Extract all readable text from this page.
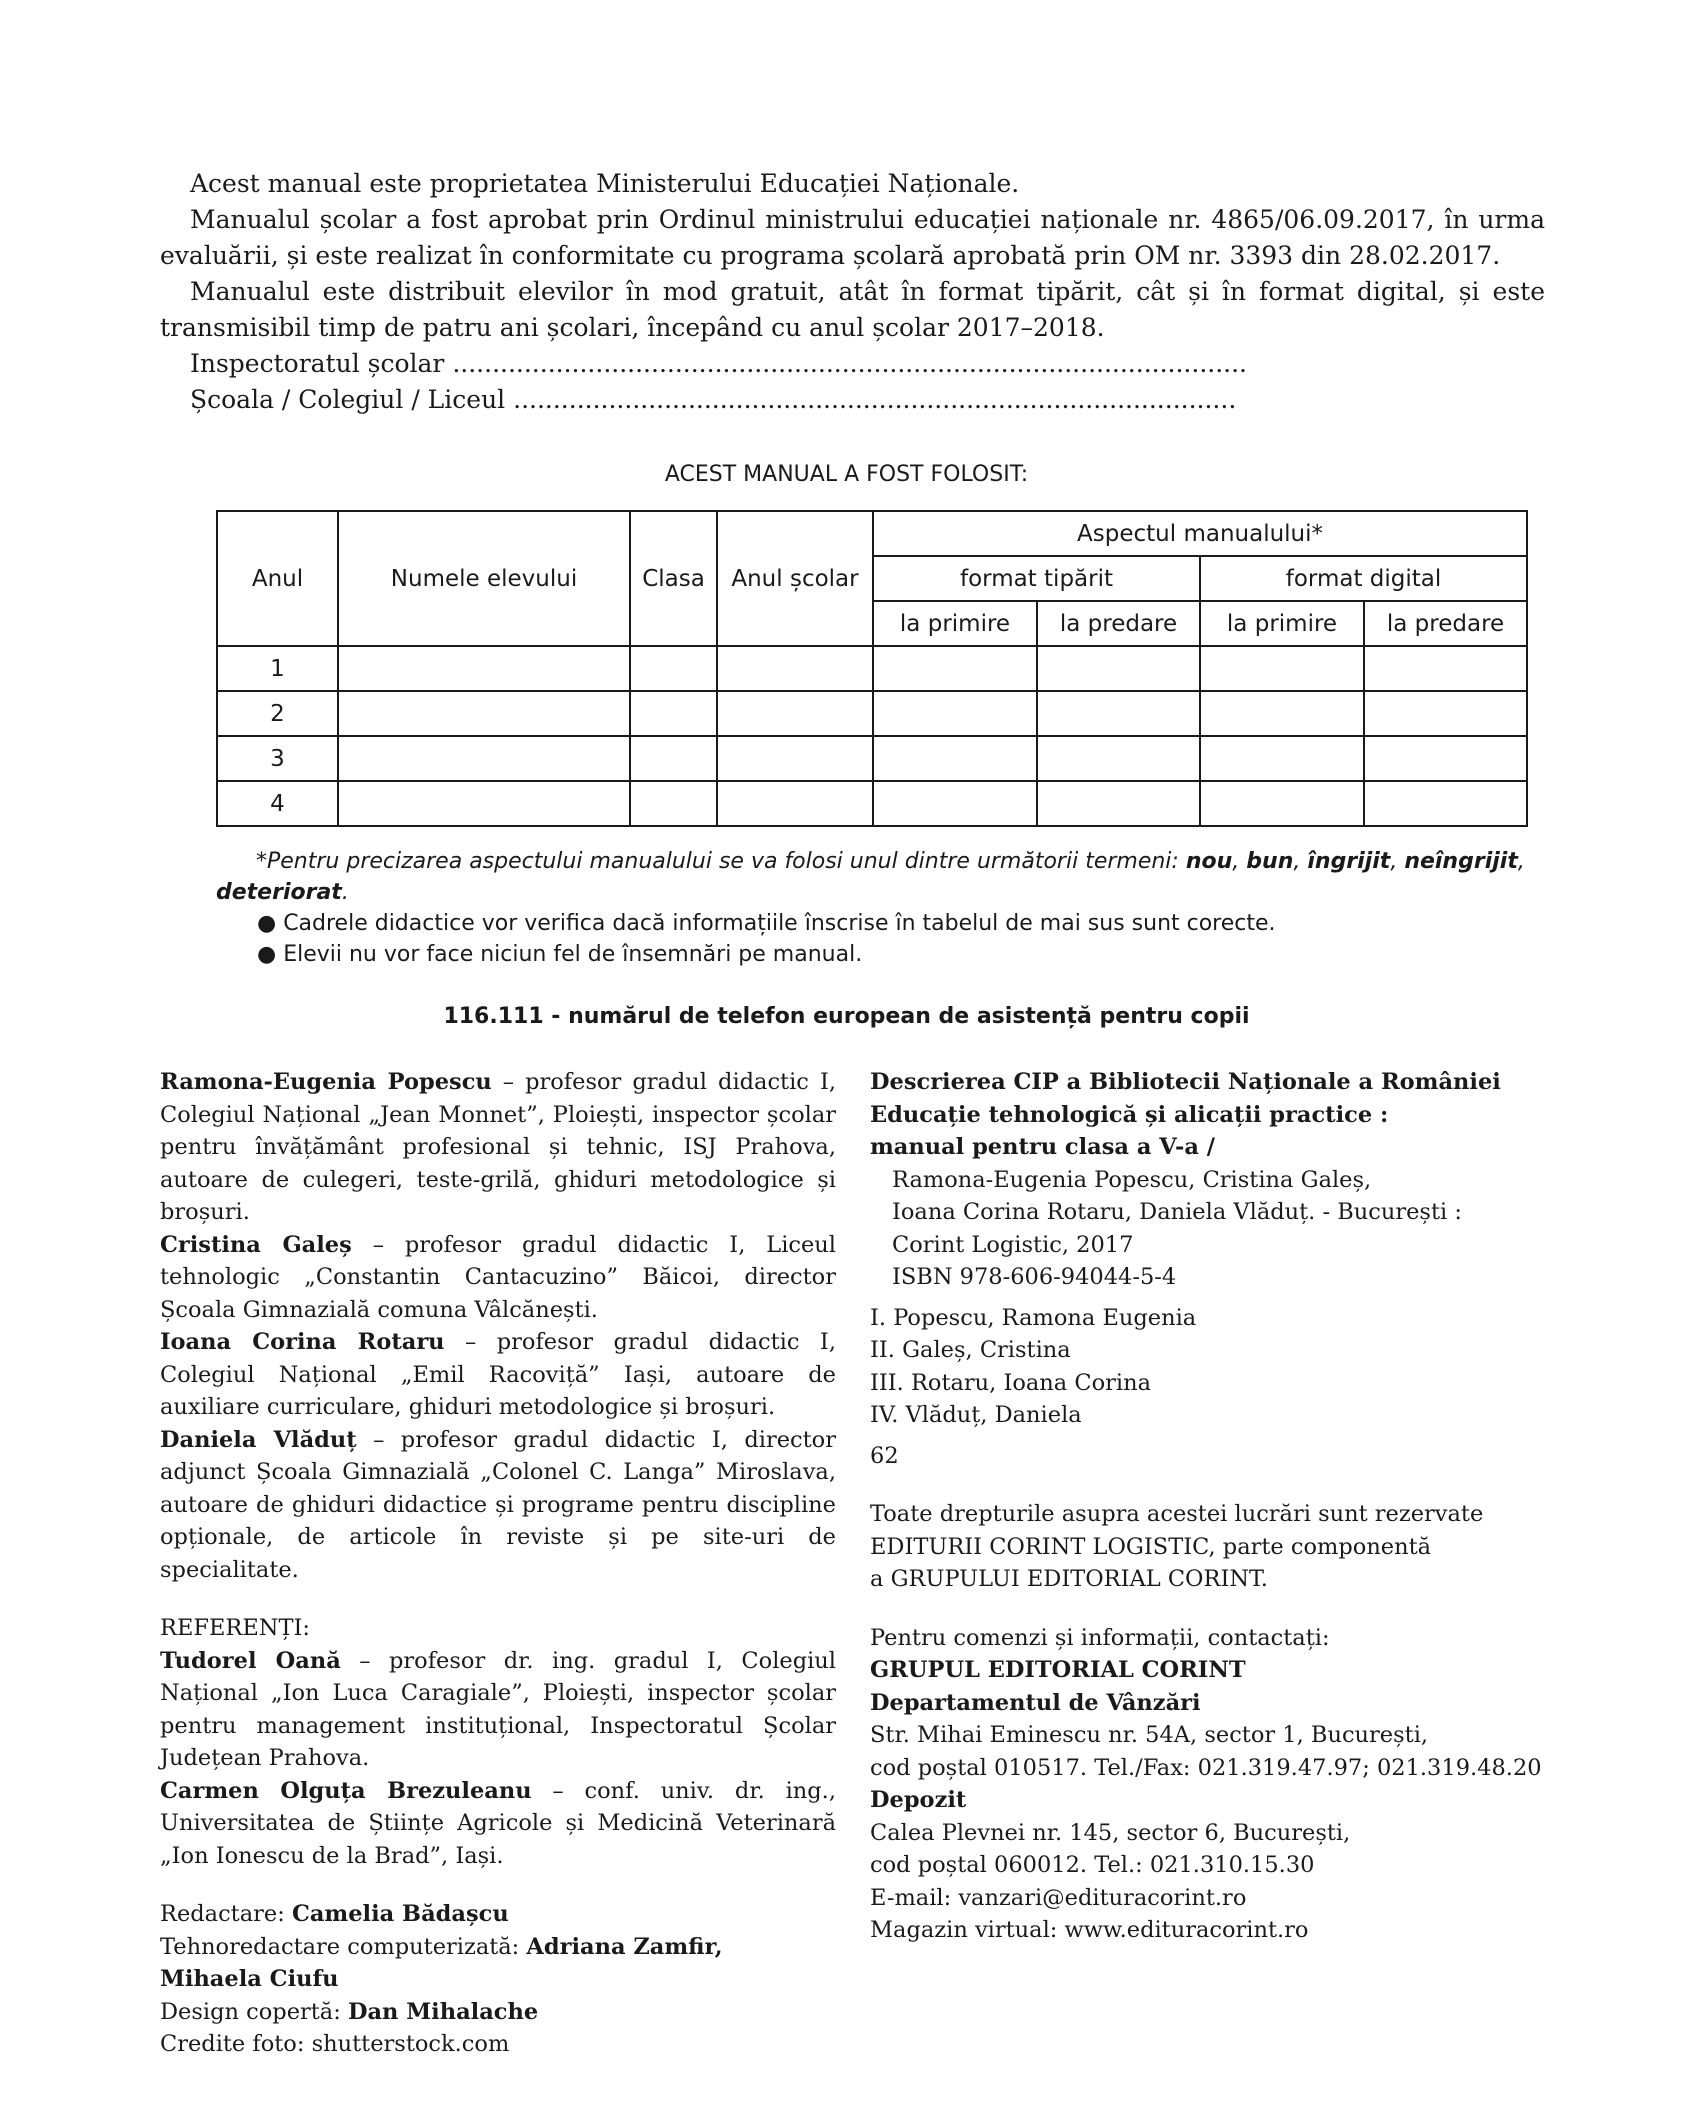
Acest manual este proprietatea Ministerului Educației Naționale.

Manualul școlar a fost aprobat prin Ordinul ministrului educației naționale nr. 4865/06.09.2017, în urma evaluării, și este realizat în conformitate cu programa școlară aprobată prin OM nr. 3393 din 28.02.2017.

Manualul este distribuit elevilor în mod gratuit, atât în format tipărit, cât și în format digital, și este transmisibil timp de patru ani școlari, începând cu anul școlar 2017–2018.

Inspectoratul școlar ....................................................................................................

Școala / Colegiul / Liceul ...........................................................................................

ACEST MANUAL A FOST FOLOSIT:
Anul	Numele elevului	Clasa	Anul școlar	Aspectul manualului*			
				format tipărit		format digital	
				la primire	la predare	la primire	la predare
1							
2							
3							
4							

*Pentru precizarea aspectului manualului se va folosi unul dintre următorii termeni: nou, bun, îngrijit, neîngrijit, deteriorat.

● Cadrele didactice vor verifica dacă informațiile înscrise în tabelul de mai sus sunt corecte.

● Elevii nu vor face niciun fel de însemnări pe manual.

116.111 - numărul de telefon european de asistență pentru copii

Ramona-Eugenia Popescu – profesor gradul didactic I, Colegiul Național „Jean Monnet”, Ploiești, inspector școlar pentru învățământ profesional și tehnic, ISJ Prahova, autoare de culegeri, teste-grilă, ghiduri metodologice și broșuri.

Cristina Galeș – profesor gradul didactic I, Liceul tehnologic „Constantin Cantacuzino” Băicoi, director Școala Gimnazială comuna Vâlcănești.

Ioana Corina Rotaru – profesor gradul didactic I, Colegiul Național „Emil Racoviță” Iași, autoare de auxiliare curriculare, ghiduri metodologice și broșuri.

Daniela Vlăduț – profesor gradul didactic I, director adjunct Școala Gimnazială „Colonel C. Langa” Miroslava, autoare de ghiduri didactice și programe pentru discipline opționale, de articole în reviste și pe site-uri de specialitate.

REFERENȚI:

Tudorel Oană – profesor dr. ing. gradul I, Colegiul Național „Ion Luca Caragiale”, Ploiești, inspector școlar pentru management instituțional, Inspectoratul Școlar Județean Prahova.

Carmen Olguța Brezuleanu – conf. univ. dr. ing., Universitatea de Științe Agricole și Medicină Veterinară „Ion Ionescu de la Brad”, Iași.

Redactare: Camelia Bădașcu

Tehnoredactare computerizată: Adriana Zamfir,

Mihaela Ciufu

Design copertă: Dan Mihalache

Credite foto: shutterstock.com

Descrierea CIP a Bibliotecii Naționale a României

Educație tehnologică și alicații practice :

manual pentru clasa a V-a /

Ramona-Eugenia Popescu, Cristina Galeș,

Ioana Corina Rotaru, Daniela Vlăduț. - București :

Corint Logistic, 2017

ISBN 978-606-94044-5-4

I. Popescu, Ramona Eugenia

II. Galeș, Cristina

III. Rotaru, Ioana Corina

IV. Vlăduț, Daniela

62

Toate drepturile asupra acestei lucrări sunt rezervate

EDITURII CORINT LOGISTIC, parte componentă

a GRUPULUI EDITORIAL CORINT.

Pentru comenzi și informații, contactați:

GRUPUL EDITORIAL CORINT

Departamentul de Vânzări

Str. Mihai Eminescu nr. 54A, sector 1, București,

cod poștal 010517. Tel./Fax: 021.319.47.97; 021.319.48.20

Depozit

Calea Plevnei nr. 145, sector 6, București,

cod poștal 060012. Tel.: 021.310.15.30

E-mail: vanzari@edituracorint.ro

Magazin virtual: www.edituracorint.ro
